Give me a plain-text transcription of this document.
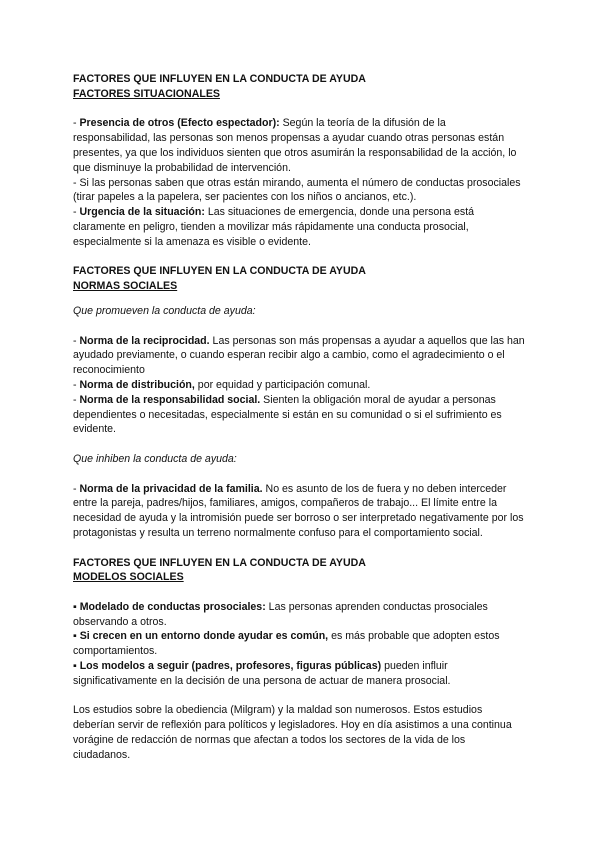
FACTORES QUE INFLUYEN EN LA CONDUCTA DE AYUDA
FACTORES SITUACIONALES

- Presencia de otros (Efecto espectador): Según la teoría de la difusión de la responsabilidad, las personas son menos propensas a ayudar cuando otras personas están presentes, ya que los individuos sienten que otros asumirán la responsabilidad de la acción, lo que disminuye la probabilidad de intervención.

- Si las personas saben que otras están mirando, aumenta el número de conductas prosociales (tirar papeles a la papelera, ser pacientes con los niños o ancianos, etc.).

- Urgencia de la situación: Las situaciones de emergencia, donde una persona está claramente en peligro, tienden a movilizar más rápidamente una conducta prosocial, especialmente si la amenaza es visible o evidente.

FACTORES QUE INFLUYEN EN LA CONDUCTA DE AYUDA
NORMAS SOCIALES
Que promueven la conducta de ayuda:

- Norma de la reciprocidad. Las personas son más propensas a ayudar a aquellos que las han ayudado previamente, o cuando esperan recibir algo a cambio, como el agradecimiento o el reconocimiento

- Norma de distribución, por equidad y participación comunal.

- Norma de la responsabilidad social. Sienten la obligación moral de ayudar a personas dependientes o necesitadas, especialmente si están en su comunidad o si el sufrimiento es evidente.

Que inhiben la conducta de ayuda:

- Norma de la privacidad de la familia. No es asunto de los de fuera y no deben interceder entre la pareja, padres/hijos, familiares, amigos, compañeros de trabajo... El límite entre la necesidad de ayuda y la intromisión puede ser borroso o ser interpretado negativamente por los protagonistas y resulta un terreno normalmente confuso para el comportamiento social.

FACTORES QUE INFLUYEN EN LA CONDUCTA DE AYUDA
MODELOS SOCIALES

▪ Modelado de conductas prosociales: Las personas aprenden conductas prosociales observando a otros.

▪ Si crecen en un entorno donde ayudar es común, es más probable que adopten estos comportamientos.

▪ Los modelos a seguir (padres, profesores, figuras públicas) pueden influir significativamente en la decisión de una persona de actuar de manera prosocial.

Los estudios sobre la obediencia (Milgram) y la maldad son numerosos. Estos estudios deberían servir de reflexión para políticos y legisladores. Hoy en día asistimos a una continua vorágine de redacción de normas que afectan a todos los sectores de la vida de los ciudadanos.
